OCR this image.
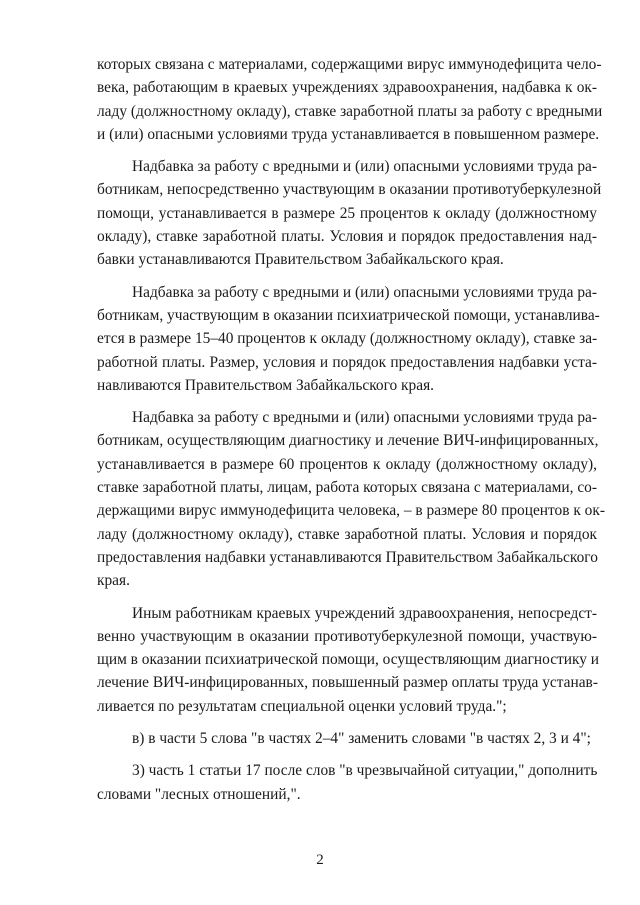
которых связана с материалами, содержащими вирус иммунодефицита чело-
века, работающим в краевых учреждениях здравоохранения, надбавка к ок-
ладу (должностному окладу), ставке заработной платы за работу с вредными
и (или) опасными условиями труда устанавливается в повышенном размере.

Надбавка за работу с вредными и (или) опасными условиями труда ра-
ботникам, непосредственно участвующим в оказании противотуберкулезной
помощи, устанавливается в размере 25 процентов к окладу (должностному
окладу), ставке заработной платы. Условия и порядок предоставления над-
бавки устанавливаются Правительством Забайкальского края.

Надбавка за работу с вредными и (или) опасными условиями труда ра-
ботникам, участвующим в оказании психиатрической помощи, устанавлива-
ется в размере 15–40 процентов к окладу (должностному окладу), ставке за-
работной платы. Размер, условия и порядок предоставления надбавки уста-
навливаются Правительством Забайкальского края.

Надбавка за работу с вредными и (или) опасными условиями труда ра-
ботникам, осуществляющим диагностику и лечение ВИЧ-инфицированных,
устанавливается в размере 60 процентов к окладу (должностному окладу),
ставке заработной платы, лицам, работа которых связана с материалами, со-
держащими вирус иммунодефицита человека, – в размере 80 процентов к ок-
ладу (должностному окладу), ставке заработной платы. Условия и порядок
предоставления надбавки устанавливаются Правительством Забайкальского
края.

Иным работникам краевых учреждений здравоохранения, непосредст-
венно участвующим в оказании противотуберкулезной помощи, участвую-
щим в оказании психиатрической помощи, осуществляющим диагностику и
лечение ВИЧ-инфицированных, повышенный размер оплаты труда устанав-
ливается по результатам специальной оценки условий труда.";

в) в части 5 слова "в частях 2–4" заменить словами "в частях 2, 3 и 4";

3) часть 1 статьи 17 после слов "в чрезвычайной ситуации," дополнить
словами "лесных отношений,".

2
